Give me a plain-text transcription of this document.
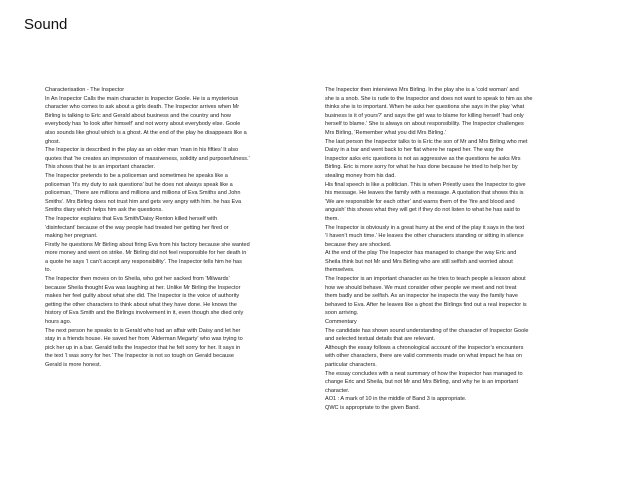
Sound
Characterisation - The Inspector
In An Inspector Calls the main character is Inspector Goole. He is a mysterious
character who comes to ask about a girls death. The Inspector arrives when Mr
Birling is talking to Eric and Gerald about business and the country and how
everybody has ‘to look after himself’ and not worry about everybody else. Goole
also sounds like ghoul which is a ghost. At the end of the play he disappears like a
ghost.
The Inspector is described in the play as an older man ‘man in his fifties’ It also
quotes that ‘he creates an impression of massiveness, solidity and purposefulness.’
This shows that he is an important character.
The Inspector pretends to be a policeman and sometimes he speaks like a
policeman ‘It’s my duty to ask questions’ but he does not always speak like a
policeman, ‘There are millions and millions and millions of Eva Smiths and John
Smiths’. Mrs Birling does not trust him and gets very angry with him. he has Eva
Smiths diary which helps him ask the questions.
The Inspector explains that Eva Smith/Daisy Renton killed herself with
‘disinfectant’ because of the way people had treated her getting her fired or
making her pregnant.
Firstly he questions Mr Birling about firing Eva from his factory because she wanted
more money and went on strike. Mr Birling did not feel responsible for her death in
a quote he says ‘I can’t accept any responsibility’. The Inspector tells him he has
to.
The Inspector then moves on to Sheila, who got her sacked from ‘Milwards’
because Sheila thought Eva was laughing at her. Unlike Mr Birling the Inspector
makes her feel guilty about what she did. The Inspector is the voice of authority
getting the other characters to think about what they have done. He knows the
history of Eva Smith and the Birlings involvement in it, even though she died only
hours ago.
The next person he speaks to is Gerald who had an affair with Daisy and let her
stay in a friends house. He saved her from ‘Alderman Megarty’ who was trying to
pick her up in a bar. Gerald tells the Inspector that he felt sorry for her. It says in
the text ‘I was sorry for her.’ The Inspector is not so tough on Gerald because
Gerald is more honest.
The Inspector then interviews Mrs Birling. In the play she is a ‘cold woman’ and
she is a snob. She is rude to the Inspector and does not want to speak to him as she
thinks she is to important. When he asks her questions she says in the play ‘what
business is it of yours?’ and says the girl was to blame for killing herself ‘had only
herself to blame.’ She is always on about responsibility. The Inspector challenges
Mrs Birling, ‘Remember what you did Mrs Birling.’
The last person the Inspector talks to is Eric the son of Mr and Mrs Birling who met
Daisy in a bar and went back to her flat where he raped her. The way the
Inspector asks eric questions is not as aggressive as the questions he asks Mrs
Birling. Eric is more sorry for what he has done because he tried to help her by
stealing money from his dad.
His final speech is like a politician. This is when Priestly uses the Inspector to give
his message. He leaves the family with a message. A quotation that shows this is
‘We are responsible for each other’ and warns them of the ‘fire and blood and
anguish’ this shows what they will get if they do not listen to what he has said to
them.
The Inspector is obviously in a great hurry at the end of the play it says in the text
‘I haven’t much time.’ He leaves the other characters standing or sitting in silence
because they are shocked.
At the end of the play The Inspector has managed to change the way Eric and
Sheila think but not Mr and Mrs Birling who are still selfish and worried about
themselves.
The Inspector is an important character as he tries to teach people a lesson about
how we should behave. We must consider other people we meet and not treat
them badly and be selfish. As an inspector he inspects the way the family have
behaved to Eva. After he leaves like a ghost the Birlings find out a real inspector is
soon arriving.
Commentary
The candidate has shown sound understanding of the character of Inspector Goole
and selected textual details that are relevant.
Although the essay follows a chronological account of the Inspector’s encounters
with other characters, there are valid comments made on what impact he has on
particular characters.
The essay concludes with a neat summary of how the Inspector has managed to
change Eric and Sheila, but not Mr and Mrs Birling, and why he is an important
character.
AO1 : A mark of 10 in the middle of Band 3 is appropriate.
QWC is appropriate to the given Band.
